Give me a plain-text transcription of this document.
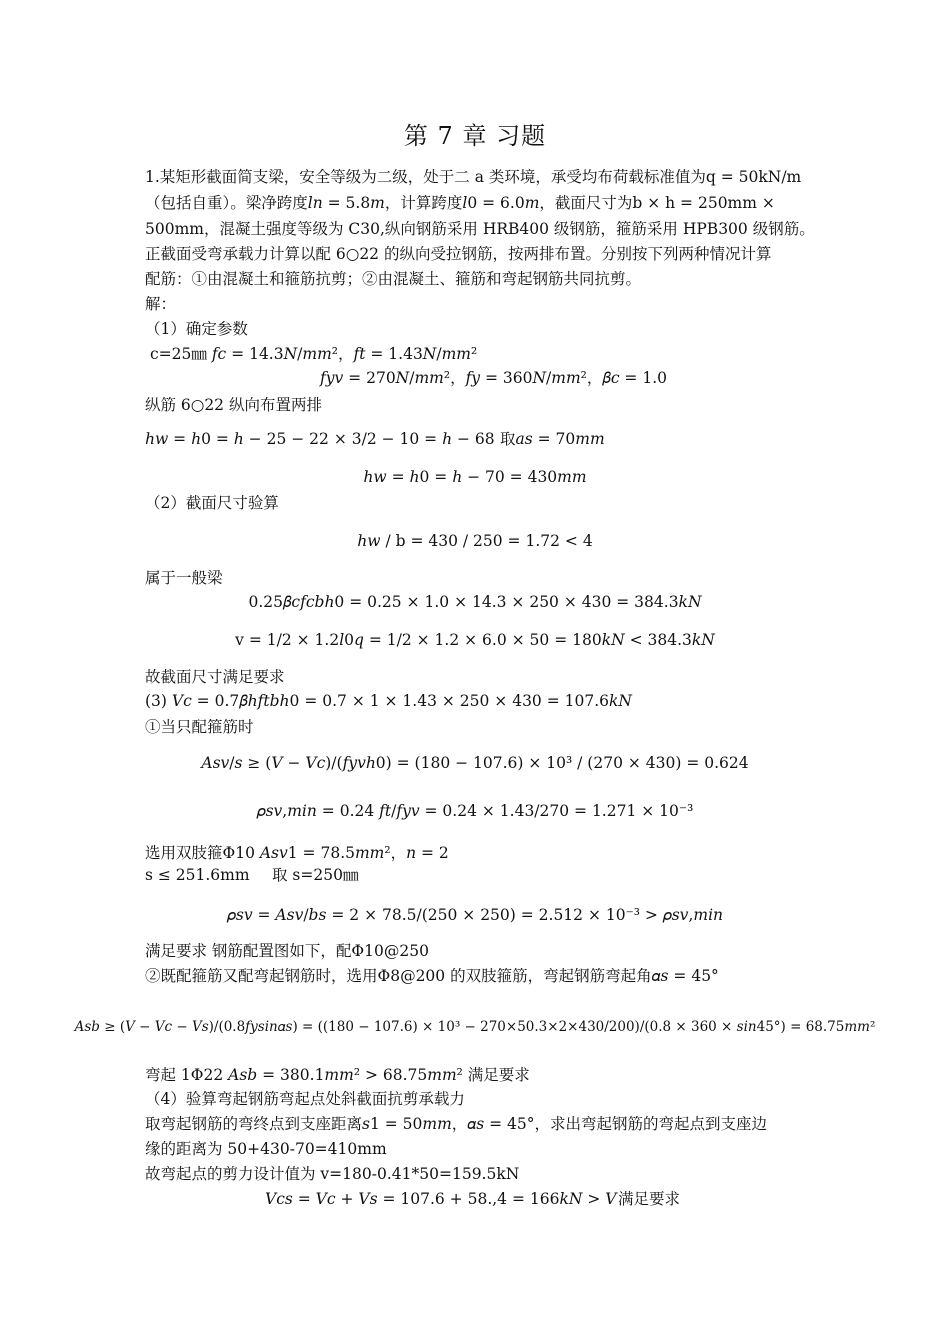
第 7 章 习题
1.某矩形截面简支梁，安全等级为二级，处于二 a 类环境，承受均布荷载标准值为q = 50kN/m
（包括自重）。梁净跨度𝑙𝑛 = 5.8𝑚，计算跨度𝑙0 = 6.0𝑚，截面尺寸为b × h = 250mm ×
500mm，混凝土强度等级为 C30,纵向钢筋采用 HRB400 级钢筋，箍筋采用 HPB300 级钢筋。
正截面受弯承载力计算以配 6○22 的纵向受拉钢筋，按两排布置。分别按下列两种情况计算
配筋：①由混凝土和箍筋抗剪；②由混凝土、箍筋和弯起钢筋共同抗剪。
解：
（1）确定参数
c=25㎜ 𝑓𝑐 = 14.3𝑁/𝑚𝑚²，𝑓𝑡 = 1.43𝑁/𝑚𝑚²
𝑓𝑦𝑣 = 270𝑁/𝑚𝑚²，𝑓𝑦 = 360𝑁/𝑚𝑚²，𝛽𝑐 = 1.0
纵筋 6○22 纵向布置两排
ℎ𝑤 = ℎ0 = ℎ − 25 − 22 × 3/2 − 10 = ℎ − 68 取𝑎𝑠 = 70𝑚𝑚
ℎ𝑤 = ℎ0 = ℎ − 70 = 430𝑚𝑚
（2）截面尺寸验算
ℎ𝑤 / b = 430 / 250 = 1.72 < 4
属于一般梁
0.25𝛽𝑐𝑓𝑐𝑏ℎ0 = 0.25 × 1.0 × 14.3 × 250 × 430 = 384.3𝑘𝑁
v = 1/2 × 1.2𝑙0𝑞 = 1/2 × 1.2 × 6.0 × 50 = 180𝑘𝑁 < 384.3𝑘𝑁
故截面尺寸满足要求
(3) 𝑉𝑐 = 0.7𝛽ℎ𝑓𝑡𝑏ℎ0 = 0.7 × 1 × 1.43 × 250 × 430 = 107.6𝑘𝑁
①当只配箍筋时
𝐴𝑠𝑣/𝑠 ≥ (𝑉 − 𝑉𝑐)/(𝑓𝑦𝑣ℎ0) = (180 − 107.6) × 10³ / (270 × 430) = 0.624
𝜌𝑠𝑣,𝑚𝑖𝑛 = 0.24 𝑓𝑡/𝑓𝑦𝑣 = 0.24 × 1.43/270 = 1.271 × 10⁻³
选用双肢箍Φ10 𝐴𝑠𝑣1 = 78.5𝑚𝑚²，𝑛 = 2
s ≤ 251.6mm 取 s=250㎜
𝜌𝑠𝑣 = 𝐴𝑠𝑣/𝑏𝑠 = 2 × 78.5/(250 × 250) = 2.512 × 10⁻³ > 𝜌𝑠𝑣,𝑚𝑖𝑛
满足要求 钢筋配置图如下，配Φ10@250
②既配箍筋又配弯起钢筋时，选用Φ8@200 的双肢箍筋，弯起钢筋弯起角𝛼𝑠 = 45°
𝐴𝑠𝑏 ≥ (𝑉 − 𝑉𝑐 − 𝑉𝑠)/(0.8𝑓𝑦𝑠𝑖𝑛𝛼𝑠) = ((180 − 107.6) × 10³ − 270×50.3×2×430/200)/(0.8 × 360 × 𝑠𝑖𝑛45°) = 68.75𝑚𝑚²
弯起 1Φ22 𝐴𝑠𝑏 = 380.1𝑚𝑚² > 68.75𝑚𝑚² 满足要求
（4）验算弯起钢筋弯起点处斜截面抗剪承载力
取弯起钢筋的弯终点到支座距离𝑠1 = 50𝑚𝑚，𝛼𝑠 = 45°，求出弯起钢筋的弯起点到支座边
缘的距离为 50+430-70=410mm
故弯起点的剪力设计值为 v=180-0.41*50=159.5kN
𝑉𝑐𝑠 = 𝑉𝑐 + 𝑉𝑠 = 107.6 + 58.,4 = 166𝑘𝑁 > 𝑉 满足要求
